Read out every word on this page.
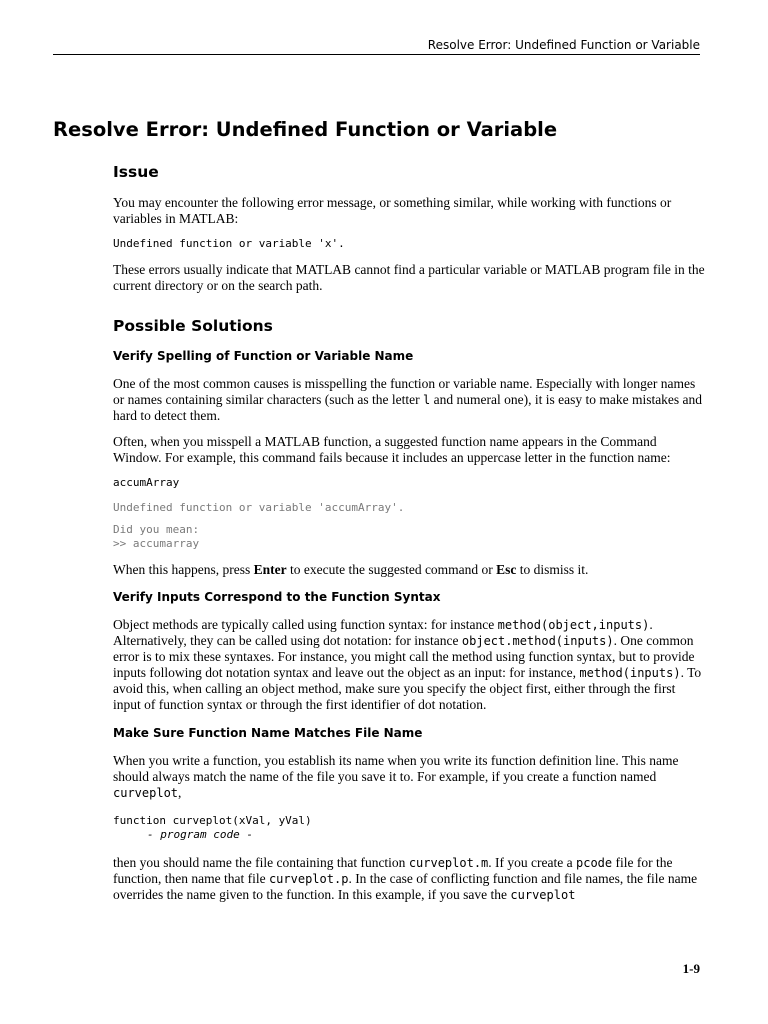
Resolve Error: Undefined Function or Variable
Resolve Error: Undefined Function or Variable
Issue

You may encounter the following error message, or something similar, while working with functions or variables in MATLAB:

Undefined function or variable 'x'.

These errors usually indicate that MATLAB cannot find a particular variable or MATLAB program file in the current directory or on the search path.

Possible Solutions
Verify Spelling of Function or Variable Name

One of the most common causes is misspelling the function or variable name. Especially with longer names or names containing similar characters (such as the letter l and numeral one), it is easy to make mistakes and hard to detect them.

Often, when you misspell a MATLAB function, a suggested function name appears in the Command Window. For example, this command fails because it includes an uppercase letter in the function name:

accumArray
Undefined function or variable 'accumArray'.
Did you mean:
>> accumarray

When this happens, press Enter to execute the suggested command or Esc to dismiss it.

Verify Inputs Correspond to the Function Syntax

Object methods are typically called using function syntax: for instance method(object,inputs). Alternatively, they can be called using dot notation: for instance object.method(inputs). One common error is to mix these syntaxes. For instance, you might call the method using function syntax, but to provide inputs following dot notation syntax and leave out the object as an input: for instance, method(inputs). To avoid this, when calling an object method, make sure you specify the object first, either through the first input of function syntax or through the first identifier of dot notation.

Make Sure Function Name Matches File Name

When you write a function, you establish its name when you write its function definition line. This name should always match the name of the file you save it to. For example, if you create a function named curveplot,

function curveplot(xVal, yVal)
- program code -

then you should name the file containing that function curveplot.m. If you create a pcode file for the function, then name that file curveplot.p. In the case of conflicting function and file names, the file name overrides the name given to the function. In this example, if you save the curveplot

1-9
